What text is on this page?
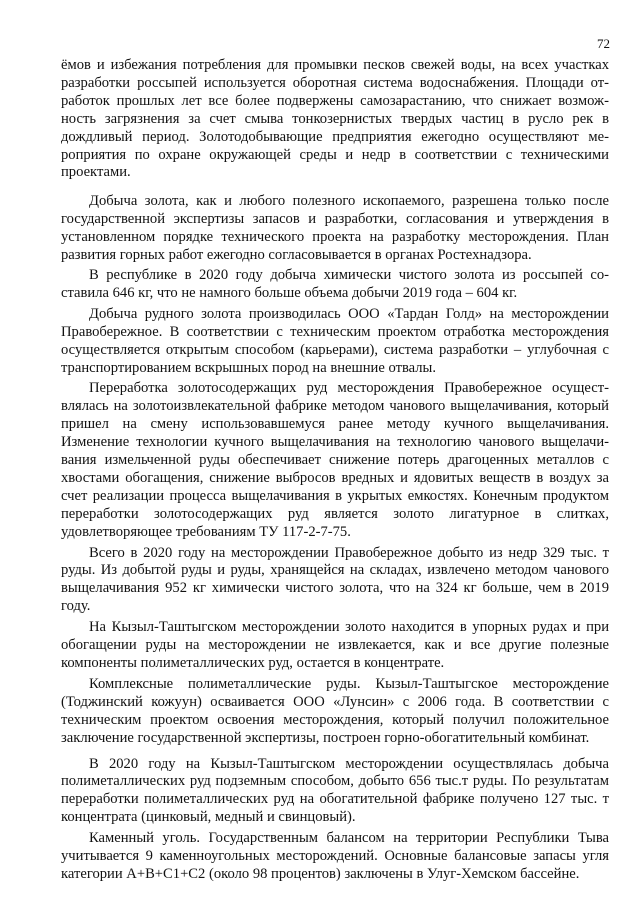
72

ёмов и избежания потребления для промывки песков свежей воды, на всех участках разработки россыпей используется оборотная система водоснабжения. Площади отработок прошлых лет все более подвержены самозарастанию, что снижает возможность загрязнения за счет смыва тонкозернистых твердых частиц в русло рек в дождливый период. Золотодобывающие предприятия ежегодно осуществляют мероприятия по охране окружающей среды и недр в соответствии с техническими проектами.

Добыча золота, как и любого полезного ископаемого, разрешена только после государственной экспертизы запасов и разработки, согласования и утверждения в установленном порядке технического проекта на разработку месторождения. План развития горных работ ежегодно согласовывается в органах Ростехнадзора.

В республике в 2020 году добыча химически чистого золота из россыпей составила 646 кг, что не намного больше объема добычи 2019 года – 604 кг.

Добыча рудного золота производилась ООО «Тардан Голд» на месторождении Правобережное. В соответствии с техническим проектом отработка месторождения осуществляется открытым способом (карьерами), система разработки – углубочная с транспортированием вскрышных пород на внешние отвалы.

Переработка золотосодержащих руд месторождения Правобережное осуществлялась на золотоизвлекательной фабрике методом чанового выщелачивания, который пришел на смену использовавшемуся ранее методу кучного выщелачивания. Изменение технологии кучного выщелачивания на технологию чанового выщелачивания измельченной руды обеспечивает снижение потерь драгоценных металлов с хвостами обогащения, снижение выбросов вредных и ядовитых веществ в воздух за счет реализации процесса выщелачивания в укрытых емкостях. Конечным продуктом переработки золотосодержащих руд является золото лигатурное в слитках, удовлетворяющее требованиям ТУ 117-2-7-75.

Всего в 2020 году на месторождении Правобережное добыто из недр 329 тыс. т руды. Из добытой руды и руды, хранящейся на складах, извлечено методом чанового выщелачивания 952 кг химически чистого золота, что на 324 кг больше, чем в 2019 году.

На Кызыл-Таштыгском месторождении золото находится в упорных рудах и при обогащении руды на месторождении не извлекается, как и все другие полезные компоненты полиметаллических руд, остается в концентрате.

Комплексные полиметаллические руды. Кызыл-Таштыгское месторождение (Тоджинский кожуун) осваивается ООО «Лунсин» с 2006 года. В соответствии с техническим проектом освоения месторождения, который получил положительное заключение государственной экспертизы, построен горно-обогатительный комбинат.

В 2020 году на Кызыл-Таштыгском месторождении осуществлялась добыча полиметаллических руд подземным способом, добыто 656 тыс.т руды. По результатам переработки полиметаллических руд на обогатительной фабрике получено 127 тыс. т концентрата (цинковый, медный и свинцовый).

Каменный уголь. Государственным балансом на территории Республики Тыва учитывается 9 каменноугольных месторождений. Основные балансовые запасы угля категории А+В+С1+С2 (около 98 процентов) заключены в Улуг-Хемском бассейне.
